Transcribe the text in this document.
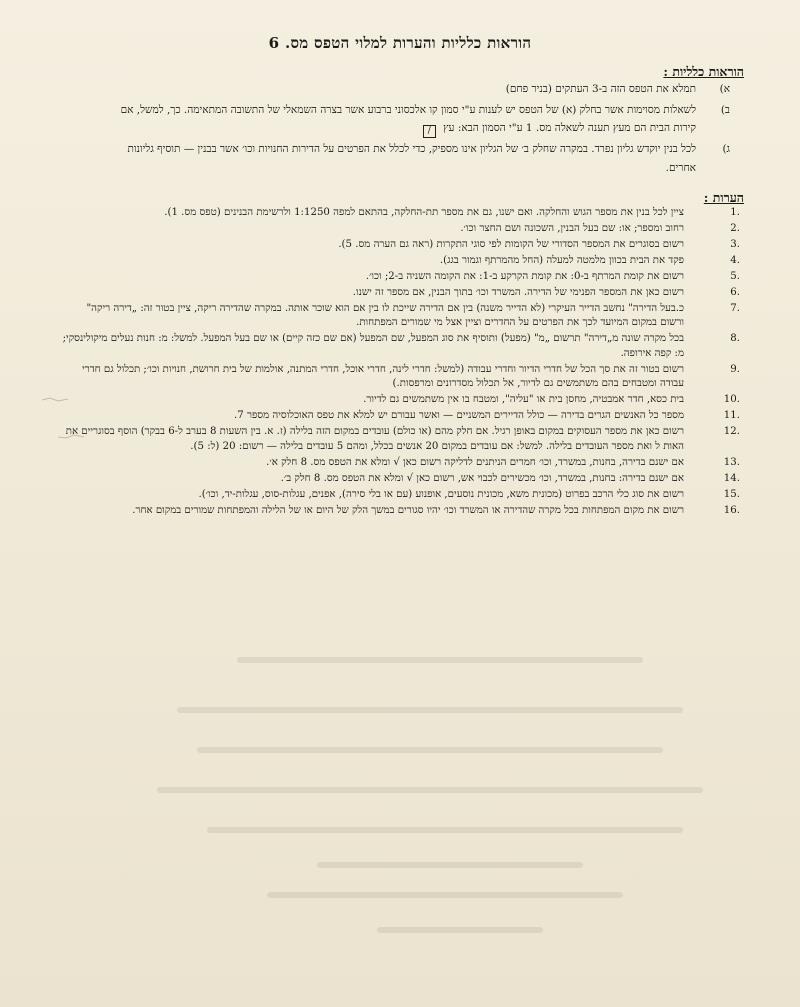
הוראות כלליות והערות למלוי הטפס מס. 6
הוראות כלליות :
א)
תמלא את הטפס הזה ב-3 העתקים (בניר פחם)
ב)
לשאלות מסוימות אשר בחלק (א) של הטפס יש לענות ע"י סמון קו אלכסוני ברבוע אשר בצרה השמאלי של התשובה המתאימה. כך, למשל, אם קירות הבית הם מעץ תענה לשאלה מס. 1 ע"י הסמון הבא: עץ /
ג)
לכל בנין יוקדש גליון נפרד. במקרה שחלק ב׳ של הגליון אינו מספיק, כדי לכלל את הפרטים על הדירות החנויות וכו׳ אשר בבנין — תוסיף גליונות אחרים.
הערות :
1.
ציין לכל בנין את מספר הגוש והחלקה. ואם ישנו, גם את מספר תת-החלקה, בהתאם למפה 1:1250 ולרשימת הבנינים (טפס מס. 1).
2.
רחוב ומספר; או: שם בעל הבנין, השכונה ושם החצר וכו׳.
3.
רשום בסוגרים את המספר הסדורי של הקומות לפי סוגי התקרות (ראה גם הערה מס. 5).
4.
פקד את הבית בכוון מלמטה למעלה (החל מהמרתף וגמור בגג).
5.
רשום את קומת המרתף ב-0: את קומת הקרקע ב-1: את הקומה השניה ב-2; וכו׳.
6.
רשום כאן את המספר הפנימי של הדירה. המשרד וכו׳ בתוך הבנין, אם מספר זה ישנו.
7.
כ.בעל הדירה" נחשב הדייר העיקרי (לא הדייר משנה) בין אם הדירה שייכת לו בין אם הוא שוכר אותה. במקרה שהדירה ריקה, ציין בטור זה: „דירה ריקה" ורשום במקום המיועד לכך את הפרטים על החדרים וציין אצל מי שמורים המפתחות.
8.
בכל מקרה שונה מ„דירה" תרשום „מ" (מפעל) ותוסיף את סוג המפעל, שם המפעל (אם שם כזה קיים) או שם בעל המפעל. למשל: מ: חנות נעלים מיקולינסקי; מ: קפה אירופה.
9.
רשום בטור זה את סך הכל של חדרי הדיור וחדרי עבודה (למשל: חדרי לינה, חדרי אוכל, חדרי המתנה, אולמות של בית חרושת, חנויות וכו׳; תכלול גם חדרי עבודה ומטבחים בהם משתמשים גם לדיור, אל תכלול מסדרונים ומרפסות.)
10.
בית כסא, חדר אמבטיה, מחסן בית או "עליה", ומטבח בו אין משתמשים גם לדיור.
11.
מספר כל האנשים הגרים בדירה — כולל הדיירים המשניים — ואשר עבורם יש למלא את טפס האוכלוסיה מספר 7.
12.
רשום כאן את מספר העסוקים במקום באופן רגיל. אם חלק מהם (או כולם) עובדים במקום הזה בלילה (ז. א. בין השעות 8 בערב ל-6 בבקר) הוסף בסוגריים את האות ל ואת מספר העובדים בלילה. למשל: אם עובדים במקום 20 אנשים בכלל, ומהם 5 עובדים בלילה — רשום: 20 (ל: 5).
13.
אם ישנם בדירה, בחנות, במשרד, וכו׳ חמרים הניתנים לדליקה רשום כאן √ ומלא את הטפס מס. 8 חלק א׳.
14.
אם ישנם בדירה: בחנות, במשרד, וכו׳ מכשירים לכבוי אש, רשום כאן √ ומלא את הטפס מס. 8 חלק ב׳.
15.
רשום את סוג כלי הרכב בפרוט (מכונית משא, מכונית נוסעים, אופנוע (עם או בלי סירה), אפנים, עגלות-סוס, עגלות-יד, וכו׳).
16.
רשום את מקום המפתחות בכל מקרה שהדירה או המשרד וכו׳ יהיו סגורים במשך הלק של היום או של הלילה והמפתחות שמורים במקום אחר.
